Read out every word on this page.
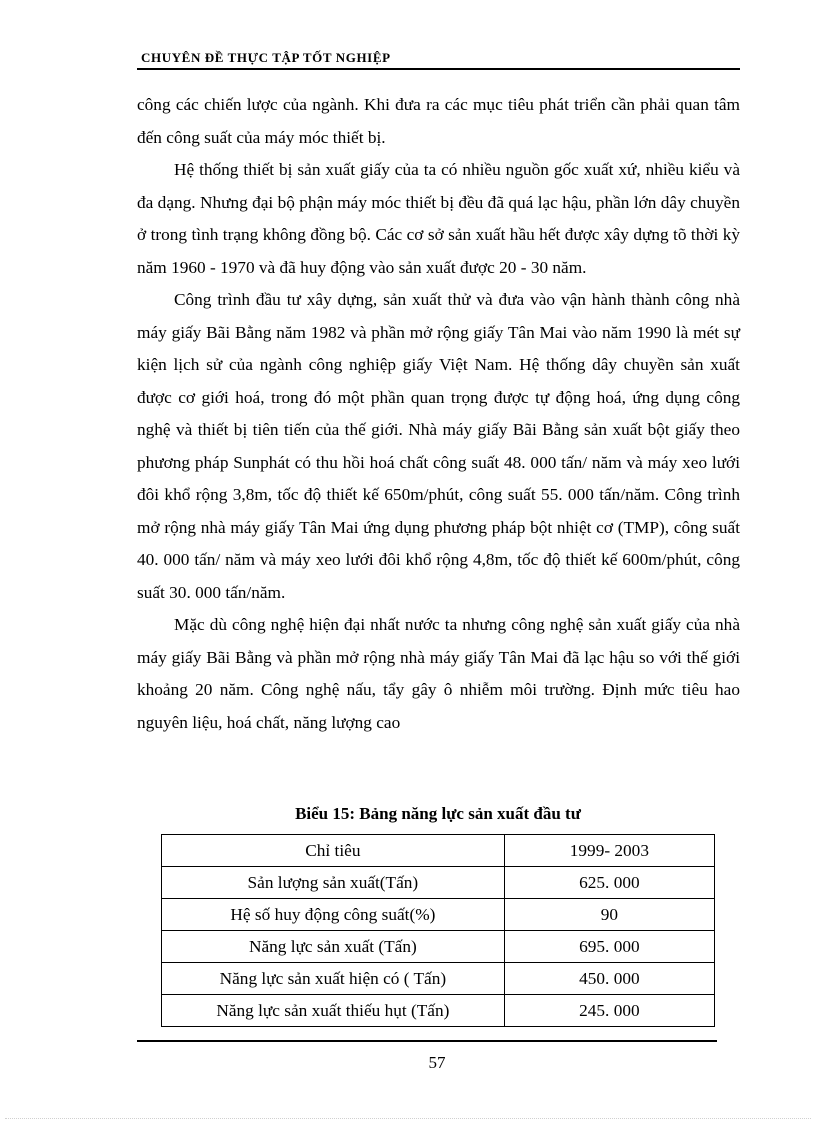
CHUYÊN ĐỀ THỰC TẬP TỐT NGHIỆP

công các chiến lược của ngành. Khi đưa ra các mục tiêu phát triển cần phải quan tâm đến công suất của máy móc thiết bị.

Hệ thống thiết bị sản xuất giấy của ta có nhiều nguồn gốc xuất xứ, nhiều kiểu và đa dạng. Nhưng đại bộ phận máy móc thiết bị đều đã quá lạc hậu, phần lớn dây chuyền ở trong tình trạng không đồng bộ. Các cơ sở sản xuất hầu hết được xây dựng tõ thời kỳ năm 1960 - 1970 và đã huy động vào sản xuất được 20 - 30 năm.

Công trình đầu tư xây dựng, sản xuất thử và đưa vào vận hành thành công nhà máy giấy Bãi Bằng năm 1982 và phần mở rộng giấy Tân Mai vào năm 1990 là mét sự kiện lịch sử của ngành công nghiệp giấy Việt Nam. Hệ thống dây chuyền sản xuất được cơ giới hoá, trong đó một phần quan trọng được tự động hoá, ứng dụng công nghệ và thiết bị tiên tiến của thế giới. Nhà máy giấy Bãi Bằng sản xuất bột giấy theo phương pháp Sunphát có thu hồi hoá chất công suất 48. 000 tấn/ năm và máy xeo lưới đôi khổ rộng 3,8m, tốc độ thiết kế 650m/phút, công suất 55. 000 tấn/năm. Công trình mở rộng nhà máy giấy Tân Mai ứng dụng phương pháp bột nhiệt cơ (TMP), công suất 40. 000 tấn/ năm và máy xeo lưới đôi khổ rộng 4,8m, tốc độ thiết kế 600m/phút, công suất 30. 000 tấn/năm.

Mặc dù công nghệ hiện đại nhất nước ta nhưng công nghệ sản xuất giấy của nhà máy giấy Bãi Bằng và phần mở rộng nhà máy giấy Tân Mai đã lạc hậu so với thế giới khoảng 20 năm. Công nghệ nấu, tẩy gây ô nhiễm môi trường. Định mức tiêu hao nguyên liệu, hoá chất, năng lượng cao

Biểu 15: Bảng năng lực sản xuất đầu tư
Chỉ tiêu	1999- 2003
Sản lượng sản xuất(Tấn)	625. 000
Hệ số huy động công suất(%)	90
Năng lực sản xuất (Tấn)	695. 000
Năng lực sản xuất hiện có ( Tấn)	450. 000
Năng lực sản xuất thiếu hụt (Tấn)	245. 000
57
